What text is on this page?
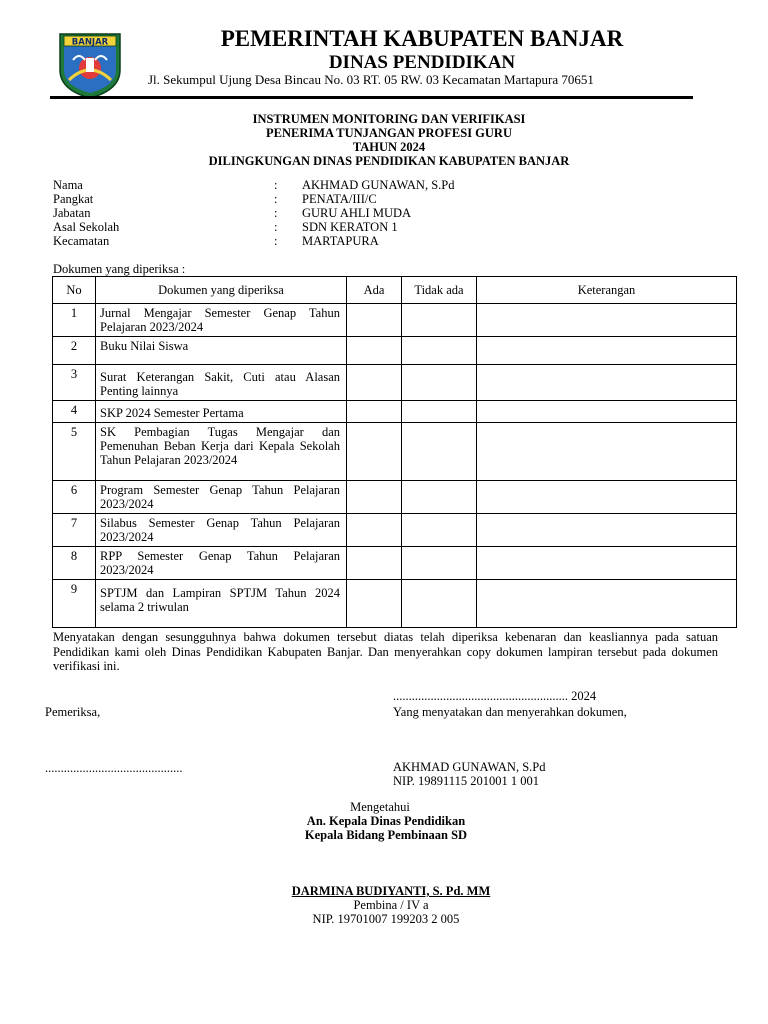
BANJAR	PEMERINTAH KABUPATEN BANJAR
DINAS PENDIDIKAN
Jl. Sekumpul Ujung Desa Bincau No. 03 RT. 05 RW. 03 Kecamatan Martapura 70651
INSTRUMEN MONITORING DAN VERIFIKASI
PENERIMA TUNJANGAN PROFESI GURU
TAHUN 2024
DILINGKUNGAN DINAS PENDIDIKAN KABUPATEN BANJAR
Nama	: AKHMAD GUNAWAN, S.Pd
Pangkat	: PENATA/III/C
Jabatan	: GURU AHLI MUDA
Asal Sekolah	: SDN KERATON 1
Kecamatan	: MARTAPURA
Dokumen yang diperiksa :
No	Dokumen yang diperiksa	Ada	Tidak ada	Keterangan
1	Jurnal Mengajar Semester Genap Tahun Pelajaran 2023/2024			
2	Buku Nilai Siswa			
3	Surat Keterangan Sakit, Cuti atau Alasan Penting lainnya			
4	SKP 2024 Semester Pertama			
5	SK Pembagian Tugas Mengajar dan Pemenuhan Beban Kerja dari Kepala Sekolah Tahun Pelajaran 2023/2024			
6	Program Semester Genap Tahun Pelajaran 2023/2024			
7	Silabus Semester Genap Tahun Pelajaran 2023/2024			
8	RPP Semester Genap Tahun Pelajaran 2023/2024			
9	SPTJM dan Lampiran SPTJM Tahun 2024 selama 2 triwulan			
Menyatakan dengan sesungguhnya bahwa dokumen tersebut diatas telah diperiksa kebenaran dan keasliannya pada satuan Pendidikan kami oleh Dinas Pendidikan Kabupaten Banjar. Dan menyerahkan copy dokumen lampiran tersebut pada dokumen verifikasi ini.
........................................................ 2024
Pemeriksa,	Yang menyatakan dan menyerahkan dokumen,
............................................	AKHMAD GUNAWAN, S.Pd
NIP. 19891115 201001 1 001
Mengetahui
An. Kepala Dinas Pendidikan
Kepala Bidang Pembinaan SD
DARMINA BUDIYANTI, S. Pd. MM
Pembina / IV a
NIP. 19701007 199203 2 005
